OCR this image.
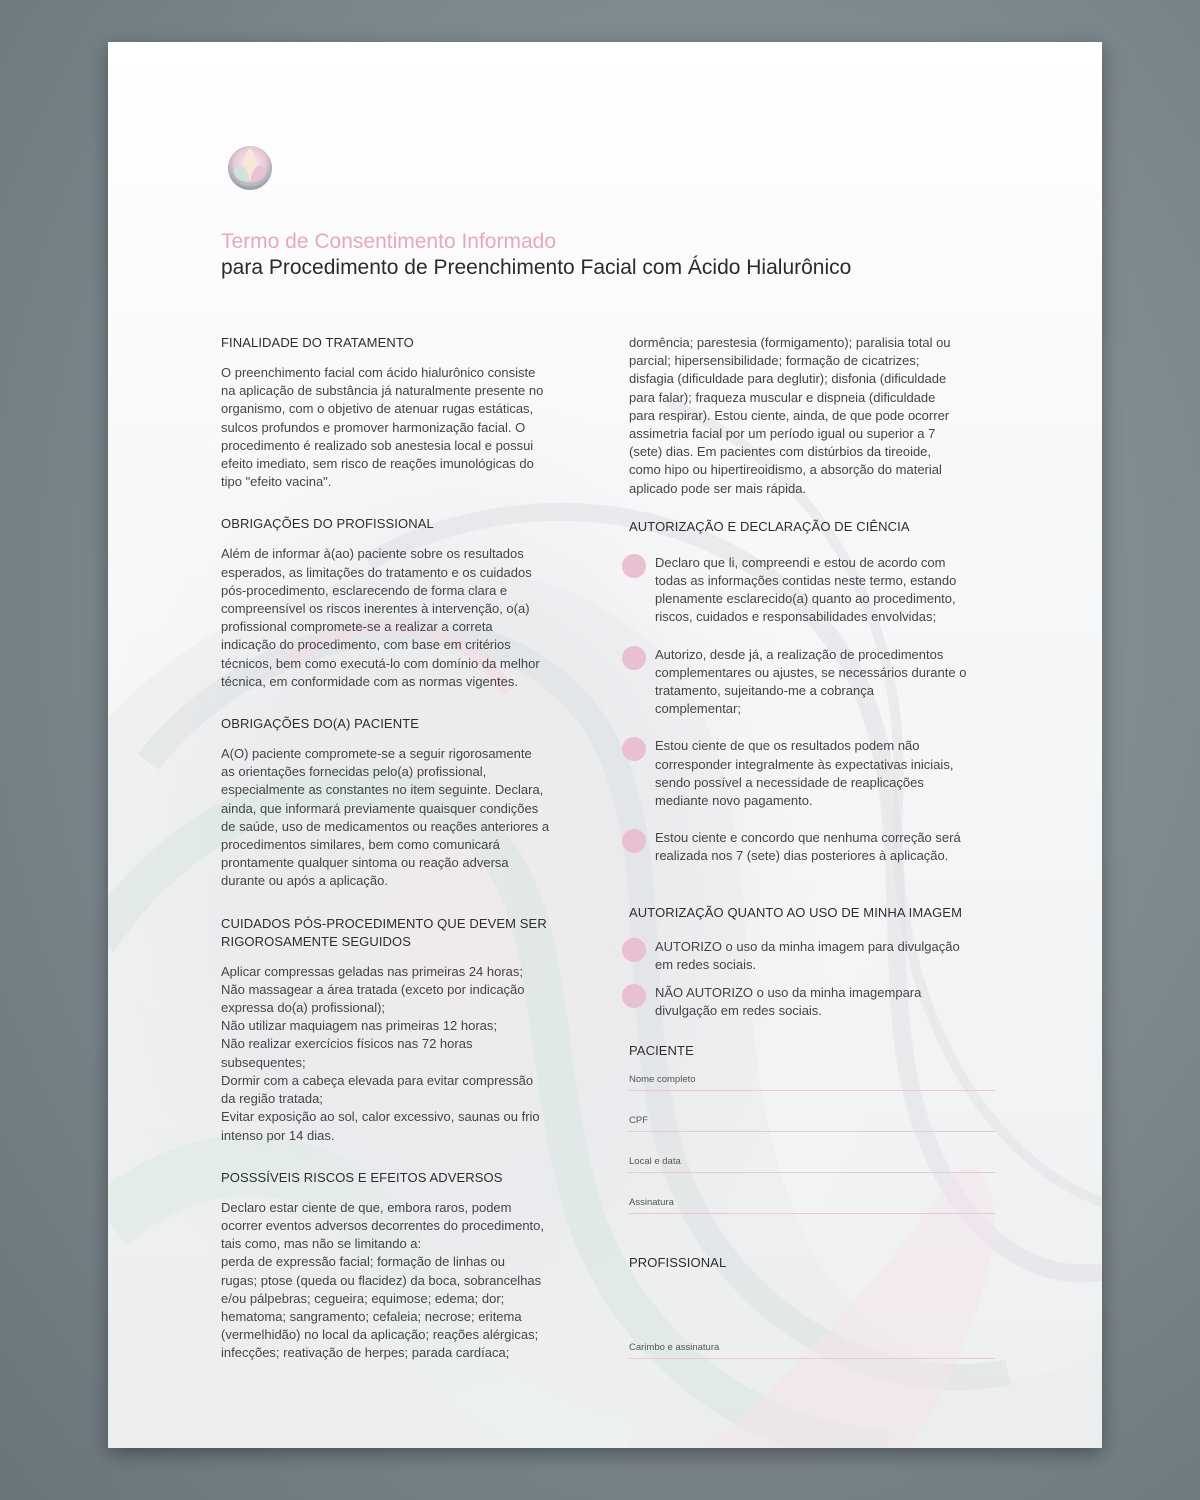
Termo de Consentimento Informado
para Procedimento de Preenchimento Facial com Ácido Hialurônico
FINALIDADE DO TRATAMENTO
O preenchimento facial com ácido hialurônico consiste
na aplicação de substância já naturalmente presente no
organismo, com o objetivo de atenuar rugas estáticas,
sulcos profundos e promover harmonização facial. O
procedimento é realizado sob anestesia local e possui
efeito imediato, sem risco de reações imunológicas do
tipo "efeito vacina".
OBRIGAÇÕES DO PROFISSIONAL
Além de informar à(ao) paciente sobre os resultados
esperados, as limitações do tratamento e os cuidados
pós-procedimento, esclarecendo de forma clara e
compreensível os riscos inerentes à intervenção, o(a)
profissional compromete-se a realizar a correta
indicação do procedimento, com base em critérios
técnicos, bem como executá-lo com domínio da melhor
técnica, em conformidade com as normas vigentes.
OBRIGAÇÕES DO(A) PACIENTE
A(O) paciente compromete-se a seguir rigorosamente
as orientações fornecidas pelo(a) profissional,
especialmente as constantes no item seguinte. Declara,
ainda, que informará previamente quaisquer condições
de saúde, uso de medicamentos ou reações anteriores a
procedimentos similares, bem como comunicará
prontamente qualquer sintoma ou reação adversa
durante ou após a aplicação.
CUIDADOS PÓS-PROCEDIMENTO QUE DEVEM SER
RIGOROSAMENTE SEGUIDOS
Aplicar compressas geladas nas primeiras 24 horas;
Não massagear a área tratada (exceto por indicação
expressa do(a) profissional);
Não utilizar maquiagem nas primeiras 12 horas;
Não realizar exercícios físicos nas 72 horas
subsequentes;
Dormir com a cabeça elevada para evitar compressão
da região tratada;
Evitar exposição ao sol, calor excessivo, saunas ou frio
intenso por 14 dias.
POSSSÍVEIS RISCOS E EFEITOS ADVERSOS
Declaro estar ciente de que, embora raros, podem
ocorrer eventos adversos decorrentes do procedimento,
tais como, mas não se limitando a:
perda de expressão facial; formação de linhas ou
rugas; ptose (queda ou flacidez) da boca, sobrancelhas
e/ou pálpebras; cegueira; equimose; edema; dor;
hematoma; sangramento; cefaleia; necrose; eritema
(vermelhidão) no local da aplicação; reações alérgicas;
infecções; reativação de herpes; parada cardíaca;
dormência; parestesia (formigamento); paralisia total ou
parcial; hipersensibilidade; formação de cicatrizes;
disfagia (dificuldade para deglutir); disfonia (dificuldade
para falar); fraqueza muscular e dispneia (dificuldade
para respirar). Estou ciente, ainda, de que pode ocorrer
assimetria facial por um período igual ou superior a 7
(sete) dias. Em pacientes com distúrbios da tireoide,
como hipo ou hipertireoidismo, a absorção do material
aplicado pode ser mais rápida.
AUTORIZAÇÃO E DECLARAÇÃO DE CIÊNCIA
Declaro que li, compreendi e estou de acordo com
todas as informações contidas neste termo, estando
plenamente esclarecido(a) quanto ao procedimento,
riscos, cuidados e responsabilidades envolvidas;
Autorizo, desde já, a realização de procedimentos
complementares ou ajustes, se necessários durante o
tratamento, sujeitando-me a cobrança
complementar;
Estou ciente de que os resultados podem não
corresponder integralmente às expectativas iniciais,
sendo possível a necessidade de reaplicações
mediante novo pagamento.
Estou ciente e concordo que nenhuma correção será
realizada nos 7 (sete) dias posteriores à aplicação.
AUTORIZAÇÃO QUANTO AO USO DE MINHA IMAGEM
AUTORIZO o uso da minha imagem para divulgação
em redes sociais.
NÃO AUTORIZO o uso da minha imagempara
divulgação em redes sociais.
PACIENTE
Nome completo
CPF
Local e data
Assinatura
PROFISSIONAL
Carimbo e assinatura
